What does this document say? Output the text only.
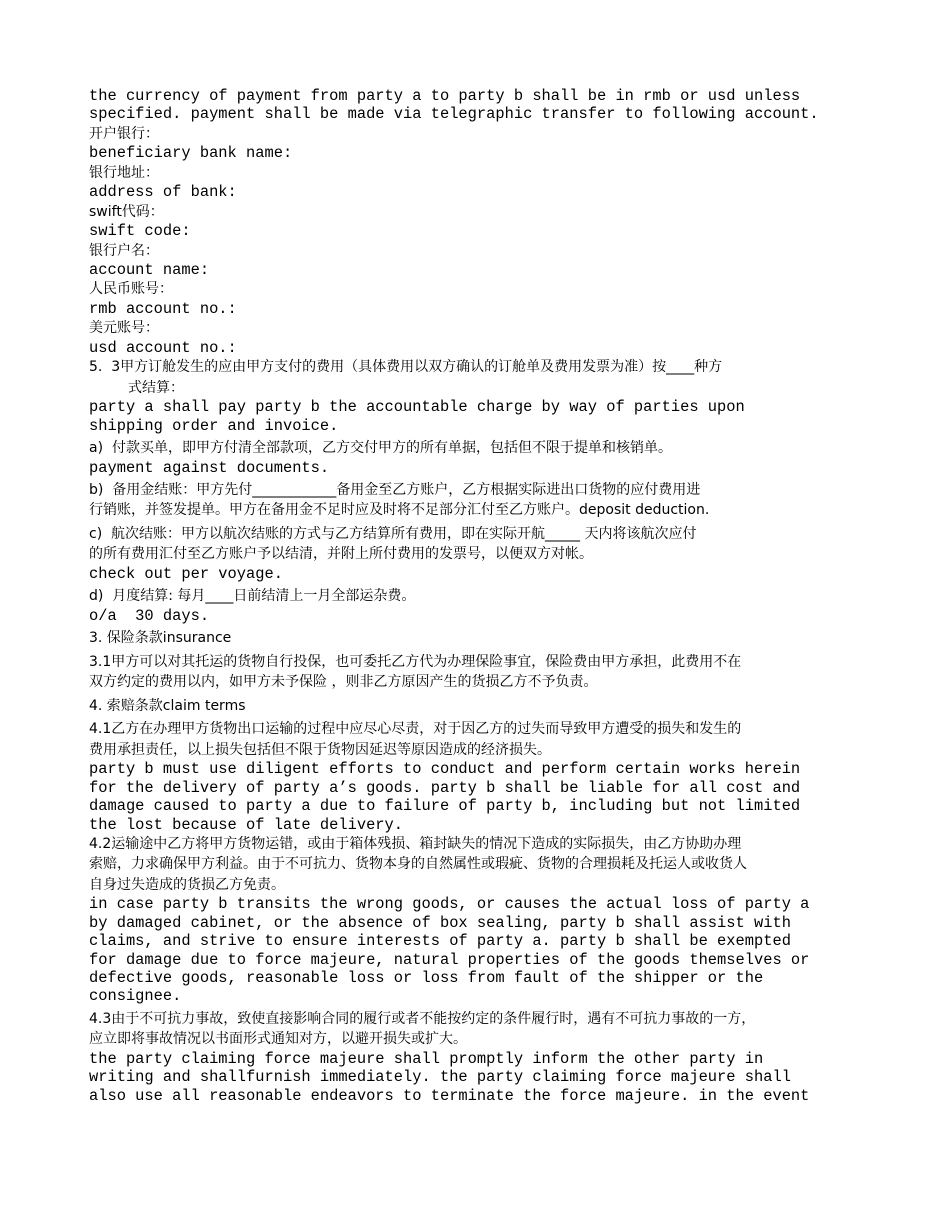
the currency of payment from party a to party b shall be in rmb or usd unless
specified. payment shall be made via telegraphic transfer to following account.
开户银行：
beneficiary bank name:
银行地址：
address of bank:
swift代码：
swift code:
银行户名：
account name:
人民币账号：
rmb account no.:
美元账号：
usd account no.:
5.  3甲方订舱发生的应由甲方支付的费用（具体费用以双方确认的订舱单及费用发票为准）按____种方
式结算：
party a shall pay party b the accountable charge by way of parties upon
shipping order and invoice.
a)  付款买单，即甲方付清全部款项，乙方交付甲方的所有单据，包括但不限于提单和核销单。
payment against documents.
b)  备用金结账：甲方先付____________备用金至乙方账户，乙方根据实际进出口货物的应付费用进
行销账，并签发提单。甲方在备用金不足时应及时将不足部分汇付至乙方账户。deposit deduction.
c)  航次结账：甲方以航次结账的方式与乙方结算所有费用，即在实际开航_____ 天内将该航次应付
的所有费用汇付至乙方账户予以结清，并附上所付费用的发票号，以便双方对帐。
check out per voyage.
d)  月度结算: 每月____日前结清上一月全部运杂费。
o/a  30 days.
3. 保险条款insurance
3.1甲方可以对其托运的货物自行投保，也可委托乙方代为办理保险事宜，保险费由甲方承担，此费用不在
双方约定的费用以内，如甲方未予保险 ，则非乙方原因产生的货损乙方不予负责。
4. 索赔条款claim terms
4.1乙方在办理甲方货物出口运输的过程中应尽心尽责，对于因乙方的过失而导致甲方遭受的损失和发生的
费用承担责任，以上损失包括但不限于货物因延迟等原因造成的经济损失。
party b must use diligent efforts to conduct and perform certain works herein
for the delivery of party a’s goods. party b shall be liable for all cost and
damage caused to party a due to failure of party b, including but not limited
the lost because of late delivery.
4.2运输途中乙方将甲方货物运错，或由于箱体残损、箱封缺失的情况下造成的实际损失，由乙方协助办理
索赔，力求确保甲方利益。由于不可抗力、货物本身的自然属性或瑕疵、货物的合理损耗及托运人或收货人
自身过失造成的货损乙方免责。
in case party b transits the wrong goods, or causes the actual loss of party a
by damaged cabinet, or the absence of box sealing, party b shall assist with
claims, and strive to ensure interests of party a. party b shall be exempted
for damage due to force majeure, natural properties of the goods themselves or
defective goods, reasonable loss or loss from fault of the shipper or the
consignee.
4.3由于不可抗力事故，致使直接影响合同的履行或者不能按约定的条件履行时，遇有不可抗力事故的一方，
应立即将事故情况以书面形式通知对方，以避开损失或扩大。
the party claiming force majeure shall promptly inform the other party in
writing and shallfurnish immediately. the party claiming force majeure shall
also use all reasonable endeavors to terminate the force majeure. in the event
